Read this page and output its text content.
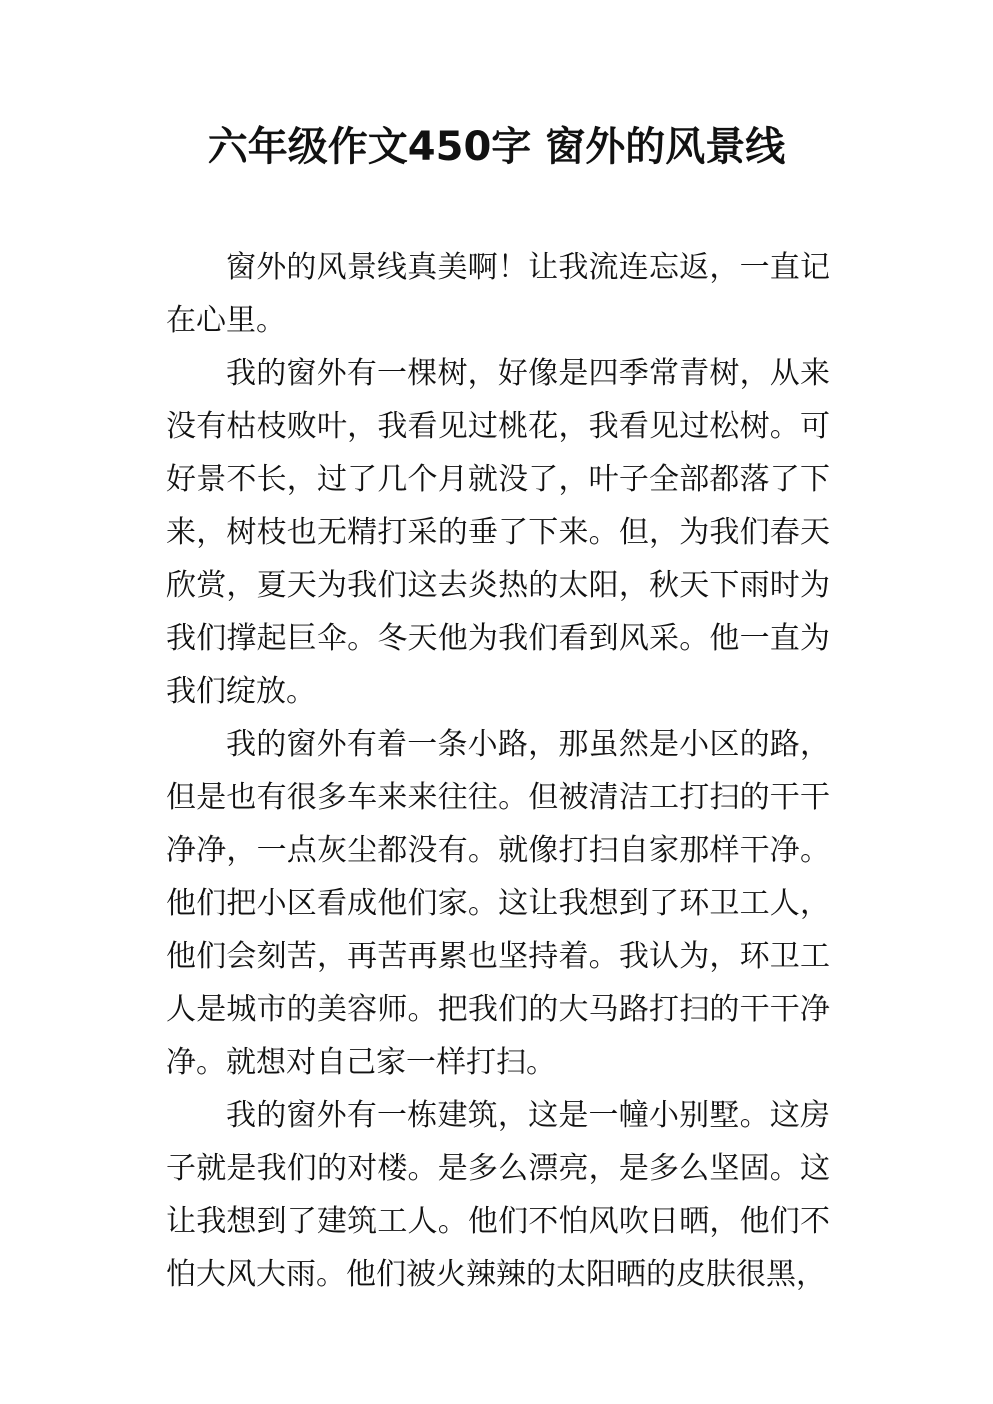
六年级作文450字 窗外的风景线

窗外的风景线真美啊！让我流连忘返，一直记在心里。

我的窗外有一棵树，好像是四季常青树，从来没有枯枝败叶，我看见过桃花，我看见过松树。可好景不长，过了几个月就没了，叶子全部都落了下来，树枝也无精打采的垂了下来。但，为我们春天欣赏，夏天为我们这去炎热的太阳，秋天下雨时为我们撑起巨伞。冬天他为我们看到风采。他一直为我们绽放。

我的窗外有着一条小路，那虽然是小区的路，但是也有很多车来来往往。但被清洁工打扫的干干净净，一点灰尘都没有。就像打扫自家那样干净。他们把小区看成他们家。这让我想到了环卫工人，他们会刻苦，再苦再累也坚持着。我认为，环卫工人是城市的美容师。把我们的大马路打扫的干干净净。就想对自己家一样打扫。

我的窗外有一栋建筑，这是一幢小别墅。这房子就是我们的对楼。是多么漂亮，是多么坚固。这让我想到了建筑工人。他们不怕风吹日晒，他们不怕大风大雨。他们被火辣辣的太阳晒的皮肤很黑，
